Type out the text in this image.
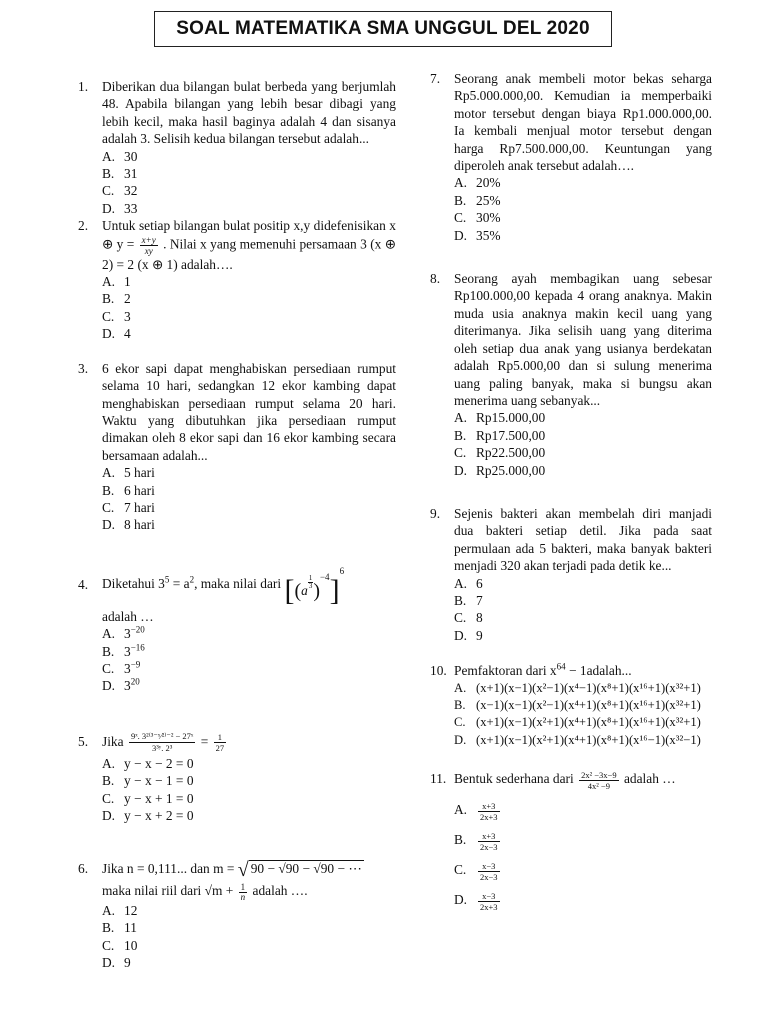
SOAL MATEMATIKA SMA UNGGUL DEL 2020
1. Diberikan dua bilangan bulat berbeda yang berjumlah 48. Apabila bilangan yang lebih besar dibagi yang lebih kecil, maka hasil baginya adalah 4 dan sisanya adalah 3. Selisih kedua bilangan tersebut adalah...
A. 30
B. 31
C. 32
D. 33
2. Untuk setiap bilangan bulat positip x,y didefenisikan x ⊕ $y = \frac{x+y}{xy}$ . Nilai x yang memenuhi persamaan 3 (x ⊕ 2) = 2 (x ⊕ 1) adalah….
A. 1
B. 2
C. 3
D. 4
3. 6 ekor sapi dapat menghabiskan persediaan rumput selama 10 hari, sedangkan 12 ekor kambing dapat menghabiskan persediaan rumput selama 20 hari. Waktu yang dibutuhkan jika persediaan rumput dimakan oleh 8 ekor sapi dan 16 ekor kambing secara bersamaan adalah...
A. 5 hari
B. 6 hari
C. 7 hari
D. 8 hari
4. Diketahui $3^5 = a^2$, maka nilai dari [(a
$\frac{1}{3} )^{-4}]^6$
adalah …
A. $3^{-20}$
B. $3^{-16}$
C. $3^{-9}$
D. $3^{20}$
5. Jika $\frac{\text{9ˣ. 3²⁽³⁻ˣ⁄²⁾⁻² − 27ˣ}}{\text{3³ʸ. 2³}} = \frac{1}{27}$
A. y − x − 2 = 0
B. y − x − 1 = 0
C. y − x + 1 = 0
D. y − x + 2 = 0
6. Jika n = 0,111... dan m = √ 90 − √90 − √90 − ⋯
maka nilai riil dari $√m + \frac{1}{n}$ adalah ….
A. 12
B. 11
C. 10
D. 9
7. Seorang anak membeli motor bekas seharga Rp5.000.000,00. Kemudian ia memperbaiki motor tersebut dengan biaya Rp1.000.000,00. Ia kembali menjual motor tersebut dengan harga Rp7.500.000,00. Keuntungan yang diperoleh anak tersebut adalah….
A. 20%
B. 25%
C. 30%
D. 35%
8. Seorang ayah membagikan uang sebesar Rp100.000,00 kepada 4 orang anaknya. Makin muda usia anaknya makin kecil uang yang diterimanya. Jika selisih uang yang diterima oleh setiap dua anak yang usianya berdekatan adalah Rp5.000,00 dan si sulung menerima uang paling banyak, maka si bungsu akan menerima uang sebanyak...
A. Rp15.000,00
B. Rp17.500,00
C. Rp22.500,00
D. Rp25.000,00
9. Sejenis bakteri akan membelah diri manjadi dua bakteri setiap detil. Jika pada saat permulaan ada 5 bakteri, maka banyak bakteri menjadi 320 akan terjadi pada detik ke...
A. 6
B. 7
C. 8
D. 9
10. Pemfaktoran dari $x^{64}$ − 1adalah...
A. (x+1)(x−1)(x²−1)(x⁴−1)(x⁸+1)(x¹⁶+1)(x³²+1)
B. (x−1)(x−1)(x²−1)(x⁴+1)(x⁸+1)(x¹⁶+1)(x³²+1)
C. (x+1)(x−1)(x²+1)(x⁴+1)(x⁸+1)(x¹⁶+1)(x³²+1)
D. (x+1)(x−1)(x²+1)(x⁴+1)(x⁸+1)(x¹⁶−1)(x³²−1)
11. Bentuk sederhana dari $\frac{\text{2x² −3x−9}}{\text{4x² −9}}$ adalah …
A. $\frac{x+3}{2x+3}$
B. $\frac{x+3}{2x-3}$
C. $\frac{x-3}{2x-3}$
D. $\frac{x-3}{2x+3}$
